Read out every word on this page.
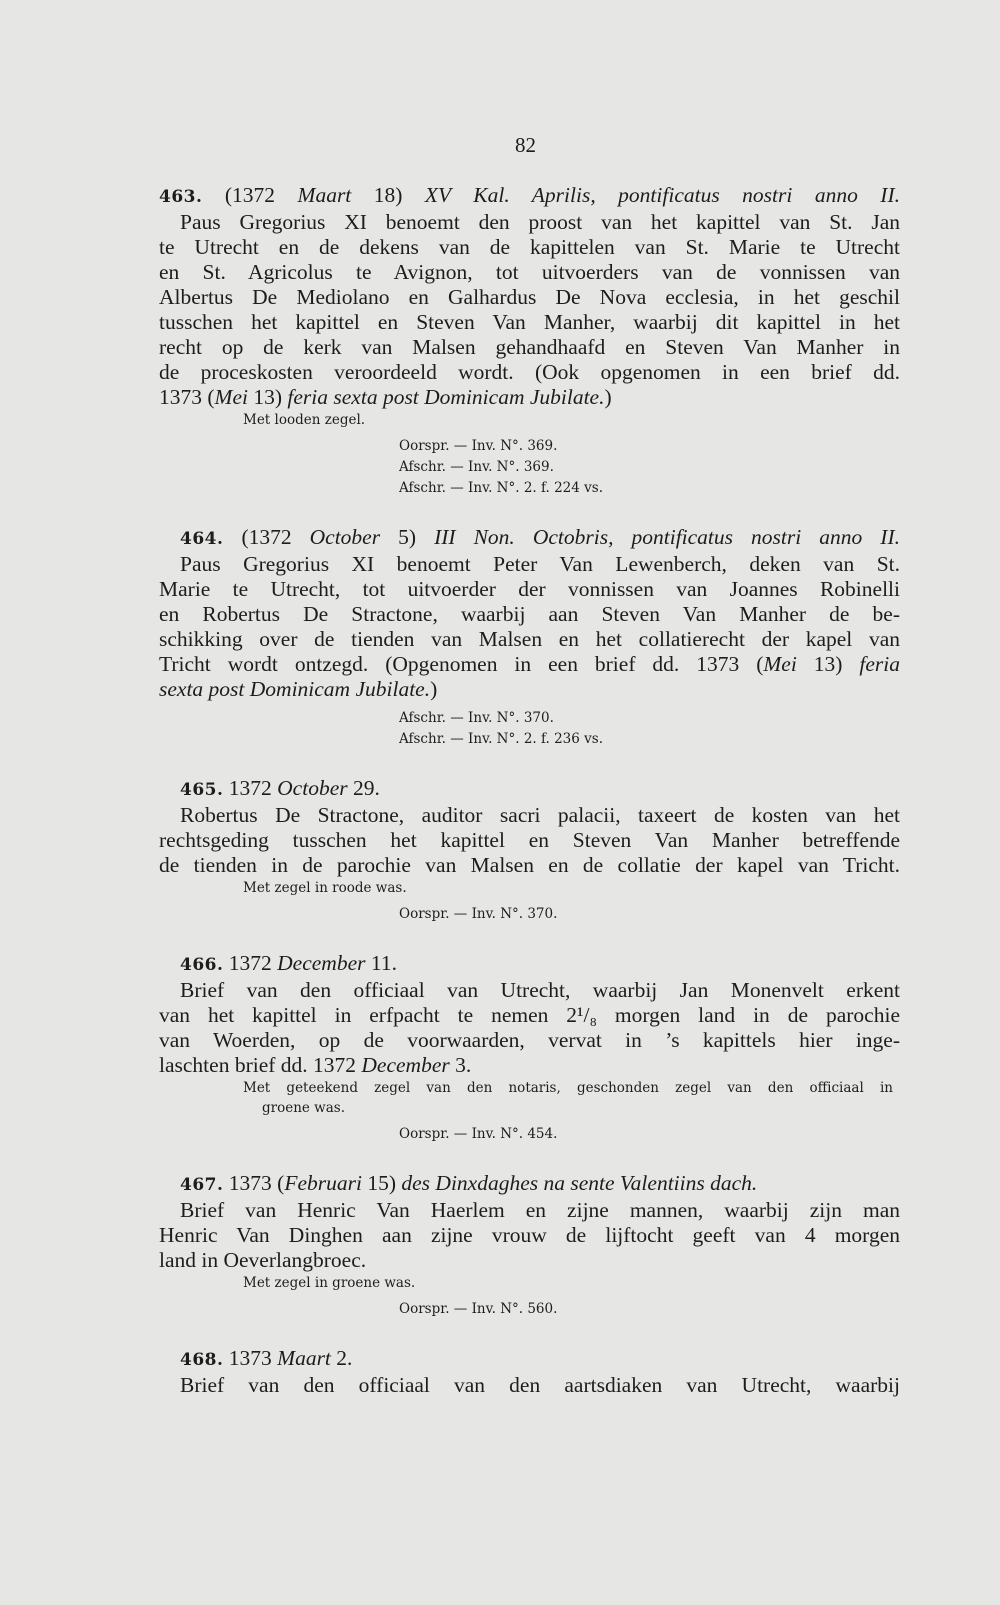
82
463. (1372 Maart 18) XV Kal. Aprilis, pontificatus nostri anno II.
Paus Gregorius XI benoemt den proost van het kapittel van St. Jan
te Utrecht en de dekens van de kapittelen van St. Marie te Utrecht
en St. Agricolus te Avignon, tot uitvoerders van de vonnissen van
Albertus De Mediolano en Galhardus De Nova ecclesia, in het geschil
tusschen het kapittel en Steven Van Manher, waarbij dit kapittel in het
recht op de kerk van Malsen gehandhaafd en Steven Van Manher in
de proceskosten veroordeeld wordt. (Ook opgenomen in een brief dd.
1373 (Mei 13) feria sexta post Dominicam Jubilate.)
Met looden zegel.
Oorspr. — Inv. N°. 369.
Afschr. — Inv. N°. 369.
Afschr. — Inv. N°. 2. f. 224 vs.
464. (1372 October 5) III Non. Octobris, pontificatus nostri anno II.
Paus Gregorius XI benoemt Peter Van Lewenberch, deken van St.
Marie te Utrecht, tot uitvoerder der vonnissen van Joannes Robinelli
en Robertus De Stractone, waarbij aan Steven Van Manher de be-
schikking over de tienden van Malsen en het collatierecht der kapel van
Tricht wordt ontzegd. (Opgenomen in een brief dd. 1373 (Mei 13) feria
sexta post Dominicam Jubilate.)
Afschr. — Inv. N°. 370.
Afschr. — Inv. N°. 2. f. 236 vs.
465. 1372 October 29.
Robertus De Stractone, auditor sacri palacii, taxeert de kosten van het
rechtsgeding tusschen het kapittel en Steven Van Manher betreffende
de tienden in de parochie van Malsen en de collatie der kapel van Tricht.
Met zegel in roode was.
Oorspr. — Inv. N°. 370.
466. 1372 December 11.
Brief van den officiaal van Utrecht, waarbij Jan Monenvelt erkent
van het kapittel in erfpacht te nemen 2¹/₈ morgen land in de parochie
van Woerden, op de voorwaarden, vervat in ’s kapittels hier inge-
laschten brief dd. 1372 December 3.
Met geteekend zegel van den notaris, geschonden zegel van den officiaal in
groene was.
Oorspr. — Inv. N°. 454.
467. 1373 (Februari 15) des Dinxdaghes na sente Valentiins dach.
Brief van Henric Van Haerlem en zijne mannen, waarbij zijn man
Henric Van Dinghen aan zijne vrouw de lijftocht geeft van 4 morgen
land in Oeverlangbroec.
Met zegel in groene was.
Oorspr. — Inv. N°. 560.
468. 1373 Maart 2.
Brief van den officiaal van den aartsdiaken van Utrecht, waarbij
